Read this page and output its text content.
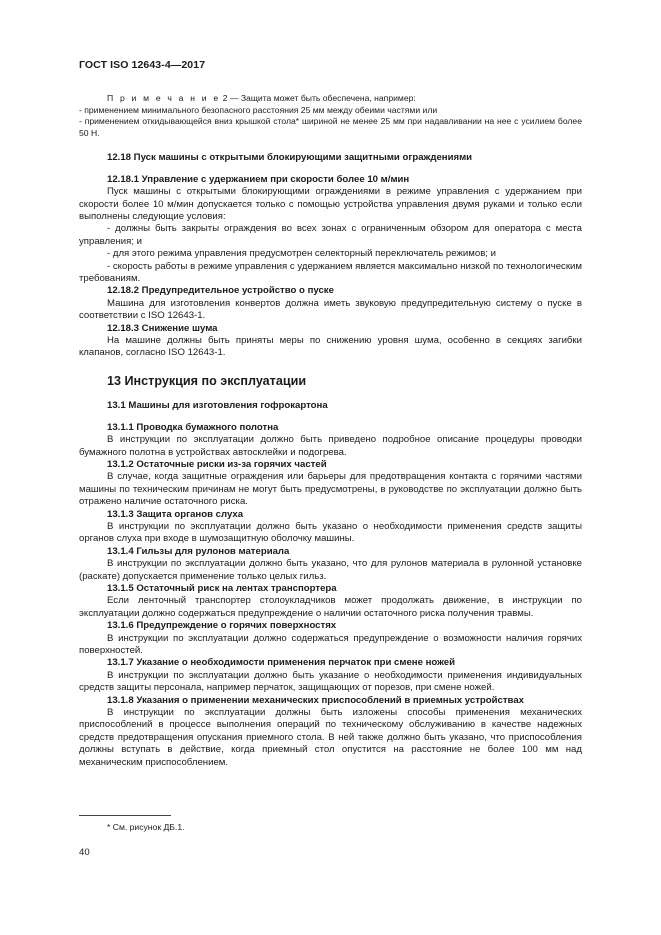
ГОСТ ISO 12643-4—2017

П р и м е ч а н и е 2 — Защита может быть обеспечена, например:

- применением минимального безопасного расстояния 25 мм между обеими частями или

- применением откидывающейся вниз крышкой стола* шириной не менее 25 мм при надавливании на нее с усилием более 50 Н.

12.18 Пуск машины с открытыми блокирующими защитными ограждениями

12.18.1 Управление с удержанием при скорости более 10 м/мин

Пуск машины с открытыми блокирующими ограждениями в режиме управления с удержанием при скорости более 10 м/мин допускается только с помощью устройства управления двумя руками и только если выполнены следующие условия:

- должны быть закрыты ограждения во всех зонах с ограниченным обзором для оператора с места управления; и

- для этого режима управления предусмотрен селекторный переключатель режимов; и

- скорость работы в режиме управления с удержанием является максимально низкой по технологическим требованиям.

12.18.2 Предупредительное устройство о пуске

Машина для изготовления конвертов должна иметь звуковую предупредительную систему о пуске в соответствии с ISO 12643-1.

12.18.3 Снижение шума

На машине должны быть приняты меры по снижению уровня шума, особенно в секциях загибки клапанов, согласно ISO 12643-1.

13 Инструкция по эксплуатации

13.1 Машины для изготовления гофрокартона

13.1.1 Проводка бумажного полотна

В инструкции по эксплуатации должно быть приведено подробное описание процедуры проводки бумажного полотна в устройствах автосклейки и подогрева.

13.1.2 Остаточные риски из-за горячих частей

В случае, когда защитные ограждения или барьеры для предотвращения контакта с горячими частями машины по техническим причинам не могут быть предусмотрены, в руководстве по эксплуатации должно быть отражено наличие остаточного риска.

13.1.3 Защита органов слуха

В инструкции по эксплуатации должно быть указано о необходимости применения средств защиты органов слуха при входе в шумозащитную оболочку машины.

13.1.4 Гильзы для рулонов материала

В инструкции по эксплуатации должно быть указано, что для рулонов материала в рулонной установке (раскате) допускается применение только целых гильз.

13.1.5 Остаточный риск на лентах транспортера

Если ленточный транспортер столоукладчиков может продолжать движение, в инструкции по эксплуатации должно содержаться предупреждение о наличии остаточного риска получения травмы.

13.1.6 Предупреждение о горячих поверхностях

В инструкции по эксплуатации должно содержаться предупреждение о возможности наличия горячих поверхностей.

13.1.7 Указание о необходимости применения перчаток при смене ножей

В инструкции по эксплуатации должно быть указание о необходимости применения индивидуальных средств защиты персонала, например перчаток, защищающих от порезов, при смене ножей.

13.1.8 Указания о применении механических приспособлений в приемных устройствах

В инструкции по эксплуатации должны быть изложены способы применения механических приспособлений в процессе выполнения операций по техническому обслуживанию в качестве надежных средств предотвращения опускания приемного стола. В ней также должно быть указано, что приспособления должны вступать в действие, когда приемный стол опустится на расстояние не более 100 мм над механическим приспособлением.

* См. рисунок ДБ.1.
40
